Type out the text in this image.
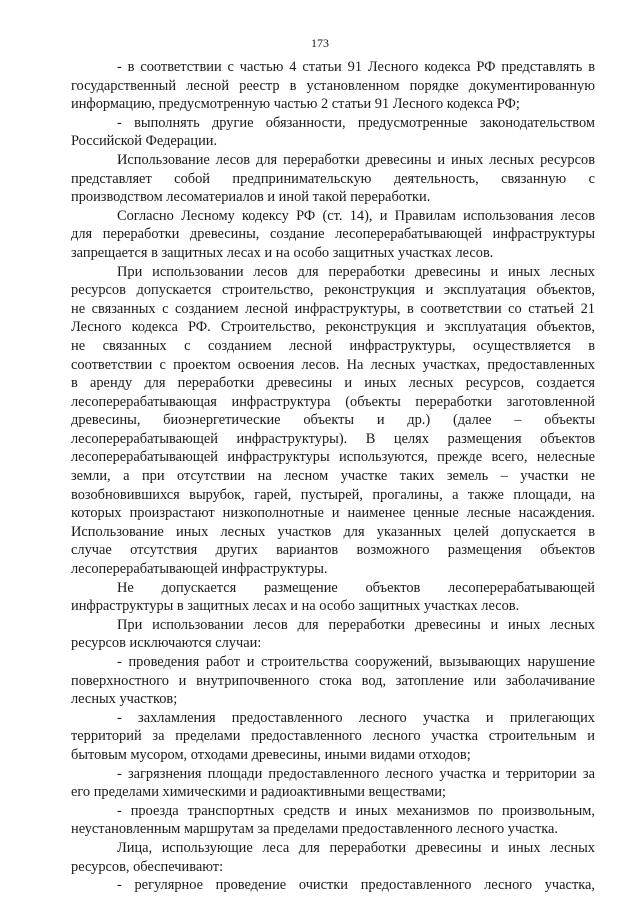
173
- в соответствии с частью 4 статьи 91 Лесного кодекса РФ представлять в
государственный лесной реестр в установленном порядке документированную
информацию, предусмотренную частью 2 статьи 91 Лесного кодекса РФ;
- выполнять другие обязанности, предусмотренные законодательством
Российской Федерации.
Использование лесов для переработки древесины и иных лесных ресурсов
представляет собой предпринимательскую деятельность, связанную с
производством лесоматериалов и иной такой переработки.
Согласно Лесному кодексу РФ (ст. 14), и Правилам использования лесов
для переработки древесины, создание лесоперерабатывающей инфраструктуры
запрещается в защитных лесах и на особо защитных участках лесов.
При использовании лесов для переработки древесины и иных лесных
ресурсов допускается строительство, реконструкция и эксплуатация объектов,
не связанных с созданием лесной инфраструктуры, в соответствии со статьей 21
Лесного кодекса РФ. Строительство, реконструкция и эксплуатация объектов,
не связанных с созданием лесной инфраструктуры, осуществляется в
соответствии с проектом освоения лесов. На лесных участках, предоставленных
в аренду для переработки древесины и иных лесных ресурсов, создается
лесоперерабатывающая инфраструктура (объекты переработки заготовленной
древесины, биоэнергетические объекты и др.) (далее – объекты
лесоперерабатывающей инфраструктуры). В целях размещения объектов
лесоперерабатывающей инфраструктуры используются, прежде всего, нелесные
земли, а при отсутствии на лесном участке таких земель – участки не
возобновившихся вырубок, гарей, пустырей, прогалины, а также площади, на
которых произрастают низкополнотные и наименее ценные лесные насаждения.
Использование иных лесных участков для указанных целей допускается в
случае отсутствия других вариантов возможного размещения объектов
лесоперерабатывающей инфраструктуры.
Не допускается размещение объектов лесоперерабатывающей
инфраструктуры в защитных лесах и на особо защитных участках лесов.
При использовании лесов для переработки древесины и иных лесных
ресурсов исключаются случаи:
- проведения работ и строительства сооружений, вызывающих нарушение
поверхностного и внутрипочвенного стока вод, затопление или заболачивание
лесных участков;
- захламления предоставленного лесного участка и прилегающих
территорий за пределами предоставленного лесного участка строительным и
бытовым мусором, отходами древесины, иными видами отходов;
- загрязнения площади предоставленного лесного участка и территории за
его пределами химическими и радиоактивными веществами;
- проезда транспортных средств и иных механизмов по произвольным,
неустановленным маршрутам за пределами предоставленного лесного участка.
Лица, использующие леса для переработки древесины и иных лесных
ресурсов, обеспечивают:
- регулярное проведение очистки предоставленного лесного участка,
